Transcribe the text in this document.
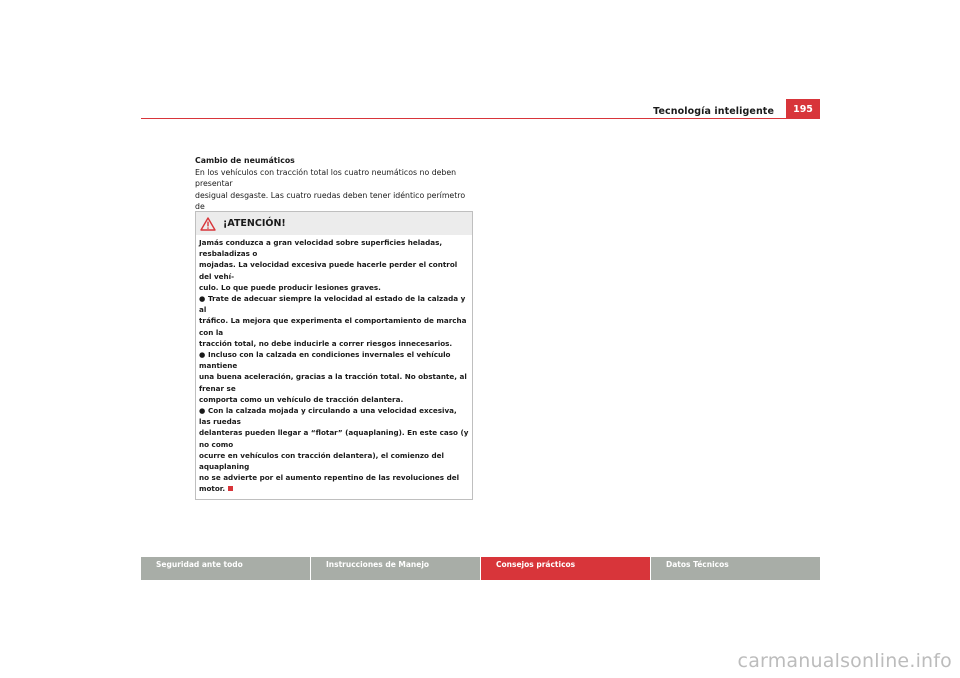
Tecnología inteligente	195

Cambio de neumáticos

En los vehículos con tracción total los cuatro neumáticos no deben presentar
desigual desgaste. Las cuatro ruedas deben tener idéntico perímetro de

¡ATENCIÓN!

Jamás conduzca a gran velocidad sobre superficies heladas, resbaladizas o
mojadas. La velocidad excesiva puede hacerle perder el control del vehí-
culo. Lo que puede producir lesiones graves.

● Trate de adecuar siempre la velocidad al estado de la calzada y al
tráfico. La mejora que experimenta el comportamiento de marcha con la
tracción total, no debe inducirle a correr riesgos innecesarios.

● Incluso con la calzada en condiciones invernales el vehículo mantiene
una buena aceleración, gracias a la tracción total. No obstante, al frenar se
comporta como un vehículo de tracción delantera.

● Con la calzada mojada y circulando a una velocidad excesiva, las ruedas
delanteras pueden llegar a “flotar” (aquaplaning). En este caso (y no como
ocurre en vehículos con tracción delantera), el comienzo del aquaplaning
no se advierte por el aumento repentino de las revoluciones del motor.

Seguridad ante todo	Instrucciones de Manejo	Consejos prácticos	Datos Técnicos
carmanualsonline.info
